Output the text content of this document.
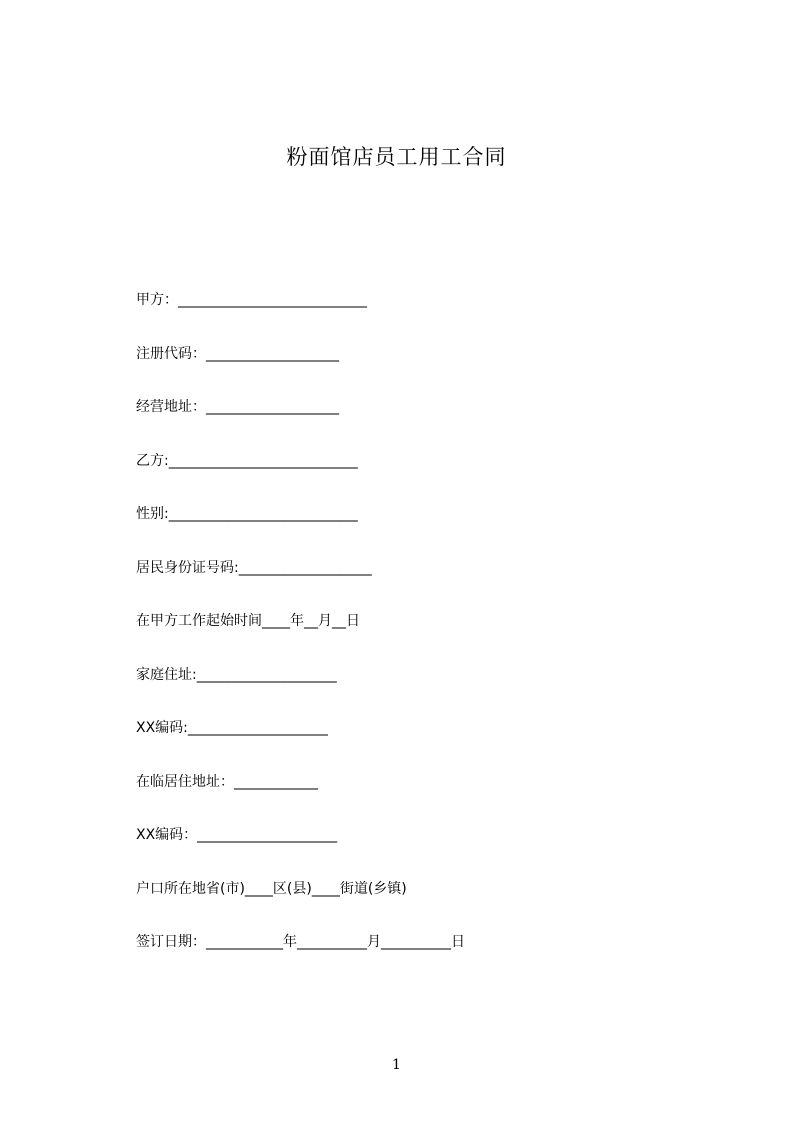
粉面馆店员工用工合同
甲方：___________________________
注册代码：___________________
经营地址：___________________
乙方:___________________________
性别:___________________________
居民身份证号码:___________________
在甲方工作起始时间____年__月__日
家庭住址:____________________
XX编码:____________________
在临居住地址：____________
XX编码：____________________
户口所在地省(市)____区(县)____街道(乡镇)
签订日期：___________年__________月__________日
1
